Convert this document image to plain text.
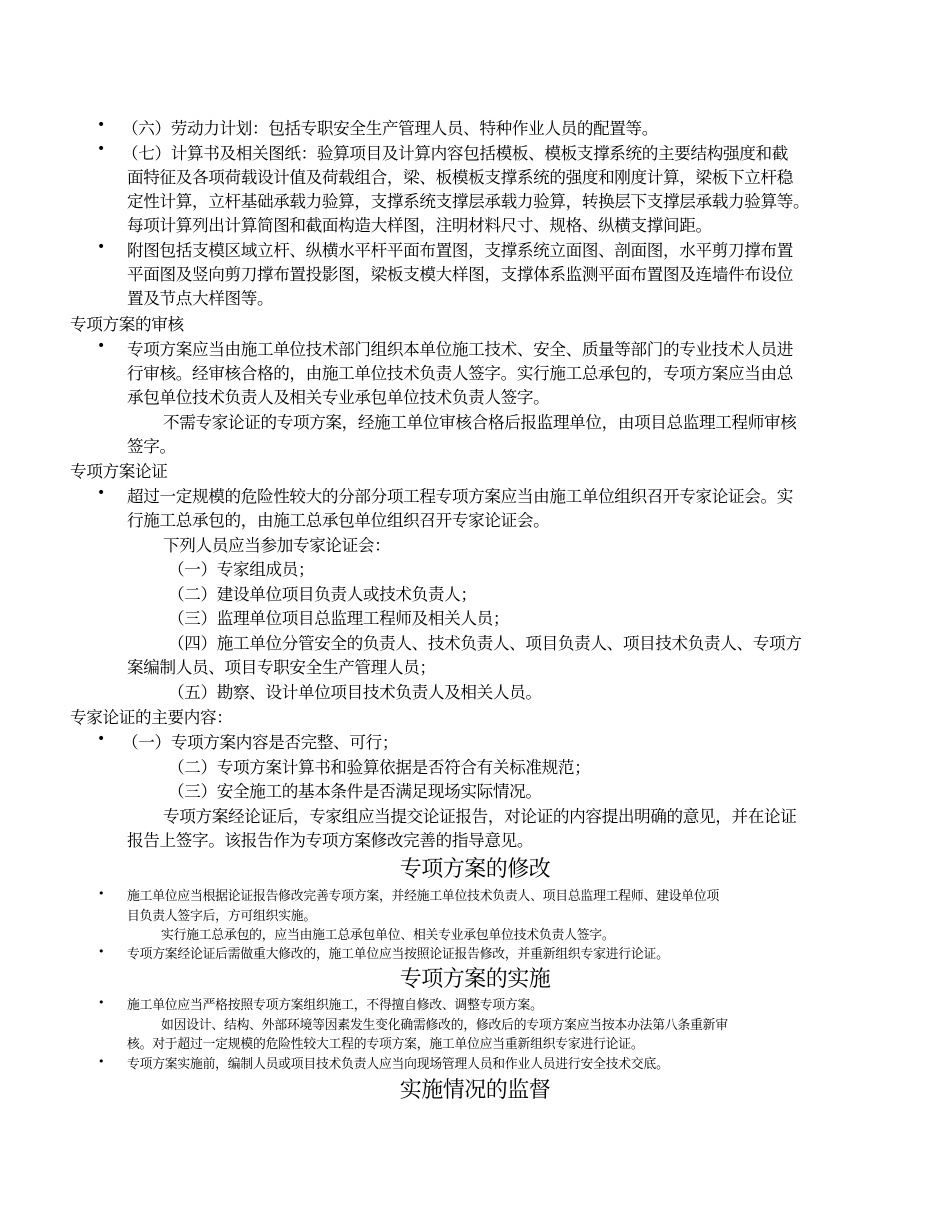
•
•
•
•
•
•
（六）劳动力计划：包括专职安全生产管理人员、特种作业人员的配置等。
（七）计算书及相关图纸：验算项目及计算内容包括模板、模板支撑系统的主要结构强度和截
面特征及各项荷载设计值及荷载组合，梁、板模板支撑系统的强度和刚度计算，梁板下立杆稳
定性计算，立杆基础承载力验算，支撑系统支撑层承载力验算，转换层下支撑层承载力验算等。
每项计算列出计算简图和截面构造大样图，注明材料尺寸、规格、纵横支撑间距。
附图包括支模区域立杆、纵横水平杆平面布置图，支撑系统立面图、剖面图，水平剪刀撑布置
平面图及竖向剪刀撑布置投影图，梁板支模大样图，支撑体系监测平面布置图及连墙件布设位
置及节点大样图等。
专项方案的审核
专项方案应当由施工单位技术部门组织本单位施工技术、安全、质量等部门的专业技术人员进
行审核。经审核合格的，由施工单位技术负责人签字。实行施工总承包的，专项方案应当由总
承包单位技术负责人及相关专业承包单位技术负责人签字。
不需专家论证的专项方案，经施工单位审核合格后报监理单位，由项目总监理工程师审核
签字。
专项方案论证
超过一定规模的危险性较大的分部分项工程专项方案应当由施工单位组织召开专家论证会。实
行施工总承包的，由施工总承包单位组织召开专家论证会。
下列人员应当参加专家论证会：
（一）专家组成员；
（二）建设单位项目负责人或技术负责人；
（三）监理单位项目总监理工程师及相关人员；
（四）施工单位分管安全的负责人、技术负责人、项目负责人、项目技术负责人、专项方
案编制人员、项目专职安全生产管理人员；
（五）勘察、设计单位项目技术负责人及相关人员。
专家论证的主要内容：
（一）专项方案内容是否完整、可行；
（二）专项方案计算书和验算依据是否符合有关标准规范；
（三）安全施工的基本条件是否满足现场实际情况。
专项方案经论证后，专家组应当提交论证报告，对论证的内容提出明确的意见，并在论证
报告上签字。该报告作为专项方案修改完善的指导意见。
专项方案的修改
• 施工单位应当根据论证报告修改完善专项方案，并经施工单位技术负责人、项目总监理工程师、建设单位项
目负责人签字后，方可组织实施。
实行施工总承包的，应当由施工总承包单位、相关专业承包单位技术负责人签字。
• 专项方案经论证后需做重大修改的，施工单位应当按照论证报告修改，并重新组织专家进行论证。
专项方案的实施
• 施工单位应当严格按照专项方案组织施工，不得擅自修改、调整专项方案。
如因设计、结构、外部环境等因素发生变化确需修改的，修改后的专项方案应当按本办法第八条重新审
核。对于超过一定规模的危险性较大工程的专项方案，施工单位应当重新组织专家进行论证。
• 专项方案实施前，编制人员或项目技术负责人应当向现场管理人员和作业人员进行安全技术交底。
实施情况的监督
